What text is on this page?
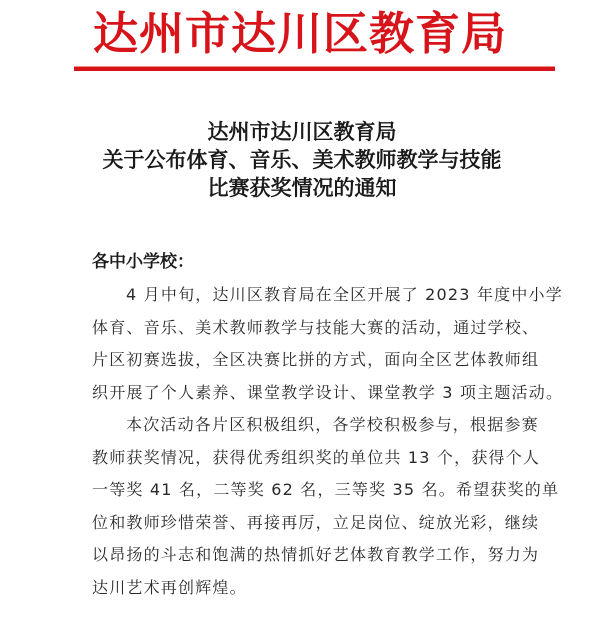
达州市达川区教育局
达州市达川区教育局
关于公布体育、音乐、美术教师教学与技能
比赛获奖情况的通知
各中小学校：
4 月中旬，达川区教育局在全区开展了 2023 年度中小学
体育、音乐、美术教师教学与技能大赛的活动，通过学校、
片区初赛选拔，全区决赛比拼的方式，面向全区艺体教师组
织开展了个人素养、课堂教学设计、课堂教学 3 项主题活动。
本次活动各片区积极组织，各学校积极参与，根据参赛
教师获奖情况，获得优秀组织奖的单位共 13 个，获得个人
一等奖 41 名，二等奖 62 名，三等奖 35 名。希望获奖的单
位和教师珍惜荣誉、再接再厉，立足岗位、绽放光彩，继续
以昂扬的斗志和饱满的热情抓好艺体教育教学工作，努力为
达川艺术再创辉煌。
